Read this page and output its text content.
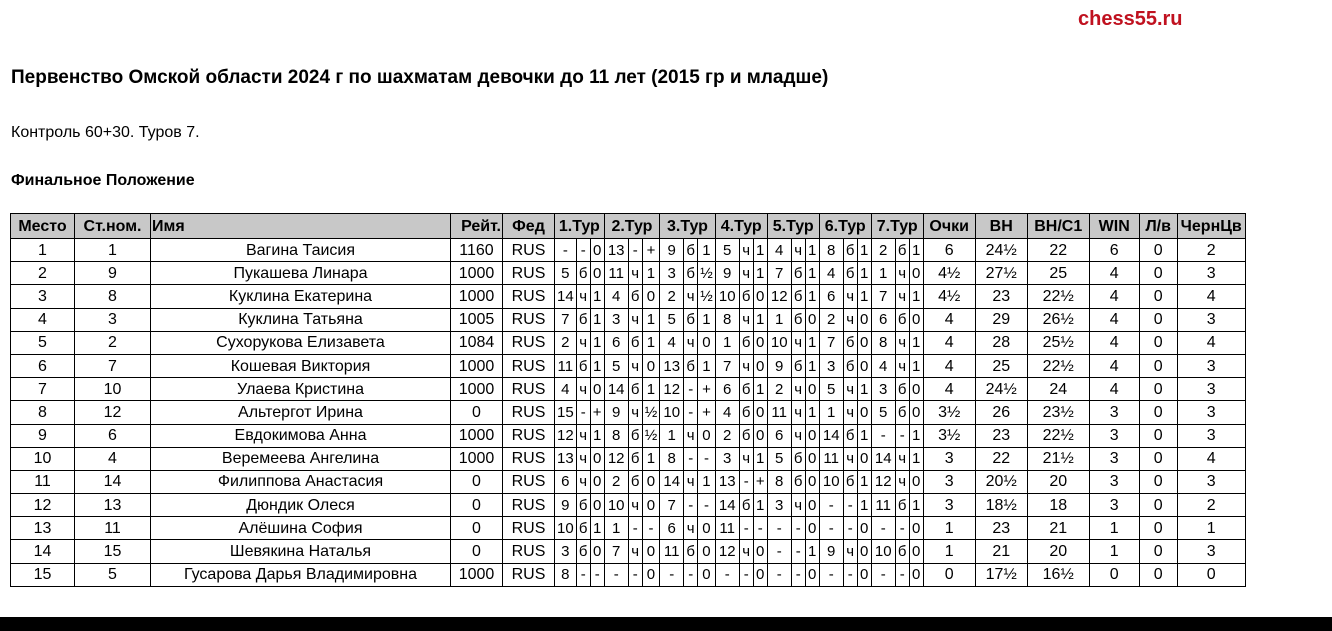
chess55.ru
Первенство Омской области 2024 г по шахматам девочки до 11 лет (2015 гр и младше)
Контроль 60+30. Туров 7.
Финальное Положение
Место	Ст.ном.	Имя	Рейт.	Фед	1.Тур			2.Тур			3.Тур			4.Тур			5.Тур			6.Тур			7.Тур			Очки	ВН	ВН/С1	WIN	Л/в	ЧернЦв
1	1	Вагина Таисия	1160	RUS	-	-	0	13	-	+	9	б	1	5	ч	1	4	ч	1	8	б	1	2	б	1	6	24½	22	6	0	2
2	9	Пукашева Линара	1000	RUS	5	б	0	11	ч	1	3	б	½	9	ч	1	7	б	1	4	б	1	1	ч	0	4½	27½	25	4	0	3
3	8	Куклина Екатерина	1000	RUS	14	ч	1	4	б	0	2	ч	½	10	б	0	12	б	1	6	ч	1	7	ч	1	4½	23	22½	4	0	4
4	3	Куклина Татьяна	1005	RUS	7	б	1	3	ч	1	5	б	1	8	ч	1	1	б	0	2	ч	0	6	б	0	4	29	26½	4	0	3
5	2	Сухорукова Елизавета	1084	RUS	2	ч	1	6	б	1	4	ч	0	1	б	0	10	ч	1	7	б	0	8	ч	1	4	28	25½	4	0	4
6	7	Кошевая Виктория	1000	RUS	11	б	1	5	ч	0	13	б	1	7	ч	0	9	б	1	3	б	0	4	ч	1	4	25	22½	4	0	3
7	10	Улаева Кристина	1000	RUS	4	ч	0	14	б	1	12	-	+	6	б	1	2	ч	0	5	ч	1	3	б	0	4	24½	24	4	0	3
8	12	Альтергот Ирина	0	RUS	15	-	+	9	ч	½	10	-	+	4	б	0	11	ч	1	1	ч	0	5	б	0	3½	26	23½	3	0	3
9	6	Евдокимова Анна	1000	RUS	12	ч	1	8	б	½	1	ч	0	2	б	0	6	ч	0	14	б	1	-	-	1	3½	23	22½	3	0	3
10	4	Веремеева Ангелина	1000	RUS	13	ч	0	12	б	1	8	-	-	3	ч	1	5	б	0	11	ч	0	14	ч	1	3	22	21½	3	0	4
11	14	Филиппова Анастасия	0	RUS	6	ч	0	2	б	0	14	ч	1	13	-	+	8	б	0	10	б	1	12	ч	0	3	20½	20	3	0	3
12	13	Дюндик Олеся	0	RUS	9	б	0	10	ч	0	7	-	-	14	б	1	3	ч	0	-	-	1	11	б	1	3	18½	18	3	0	2
13	11	Алёшина София	0	RUS	10	б	1	1	-	-	6	ч	0	11	-	-	-	-	0	-	-	0	-	-	0	1	23	21	1	0	1
14	15	Шевякина Наталья	0	RUS	3	б	0	7	ч	0	11	б	0	12	ч	0	-	-	1	9	ч	0	10	б	0	1	21	20	1	0	3
15	5	Гусарова Дарья Владимировна	1000	RUS	8	-	-	-	-	0	-	-	0	-	-	0	-	-	0	-	-	0	-	-	0	0	17½	16½	0	0	0
